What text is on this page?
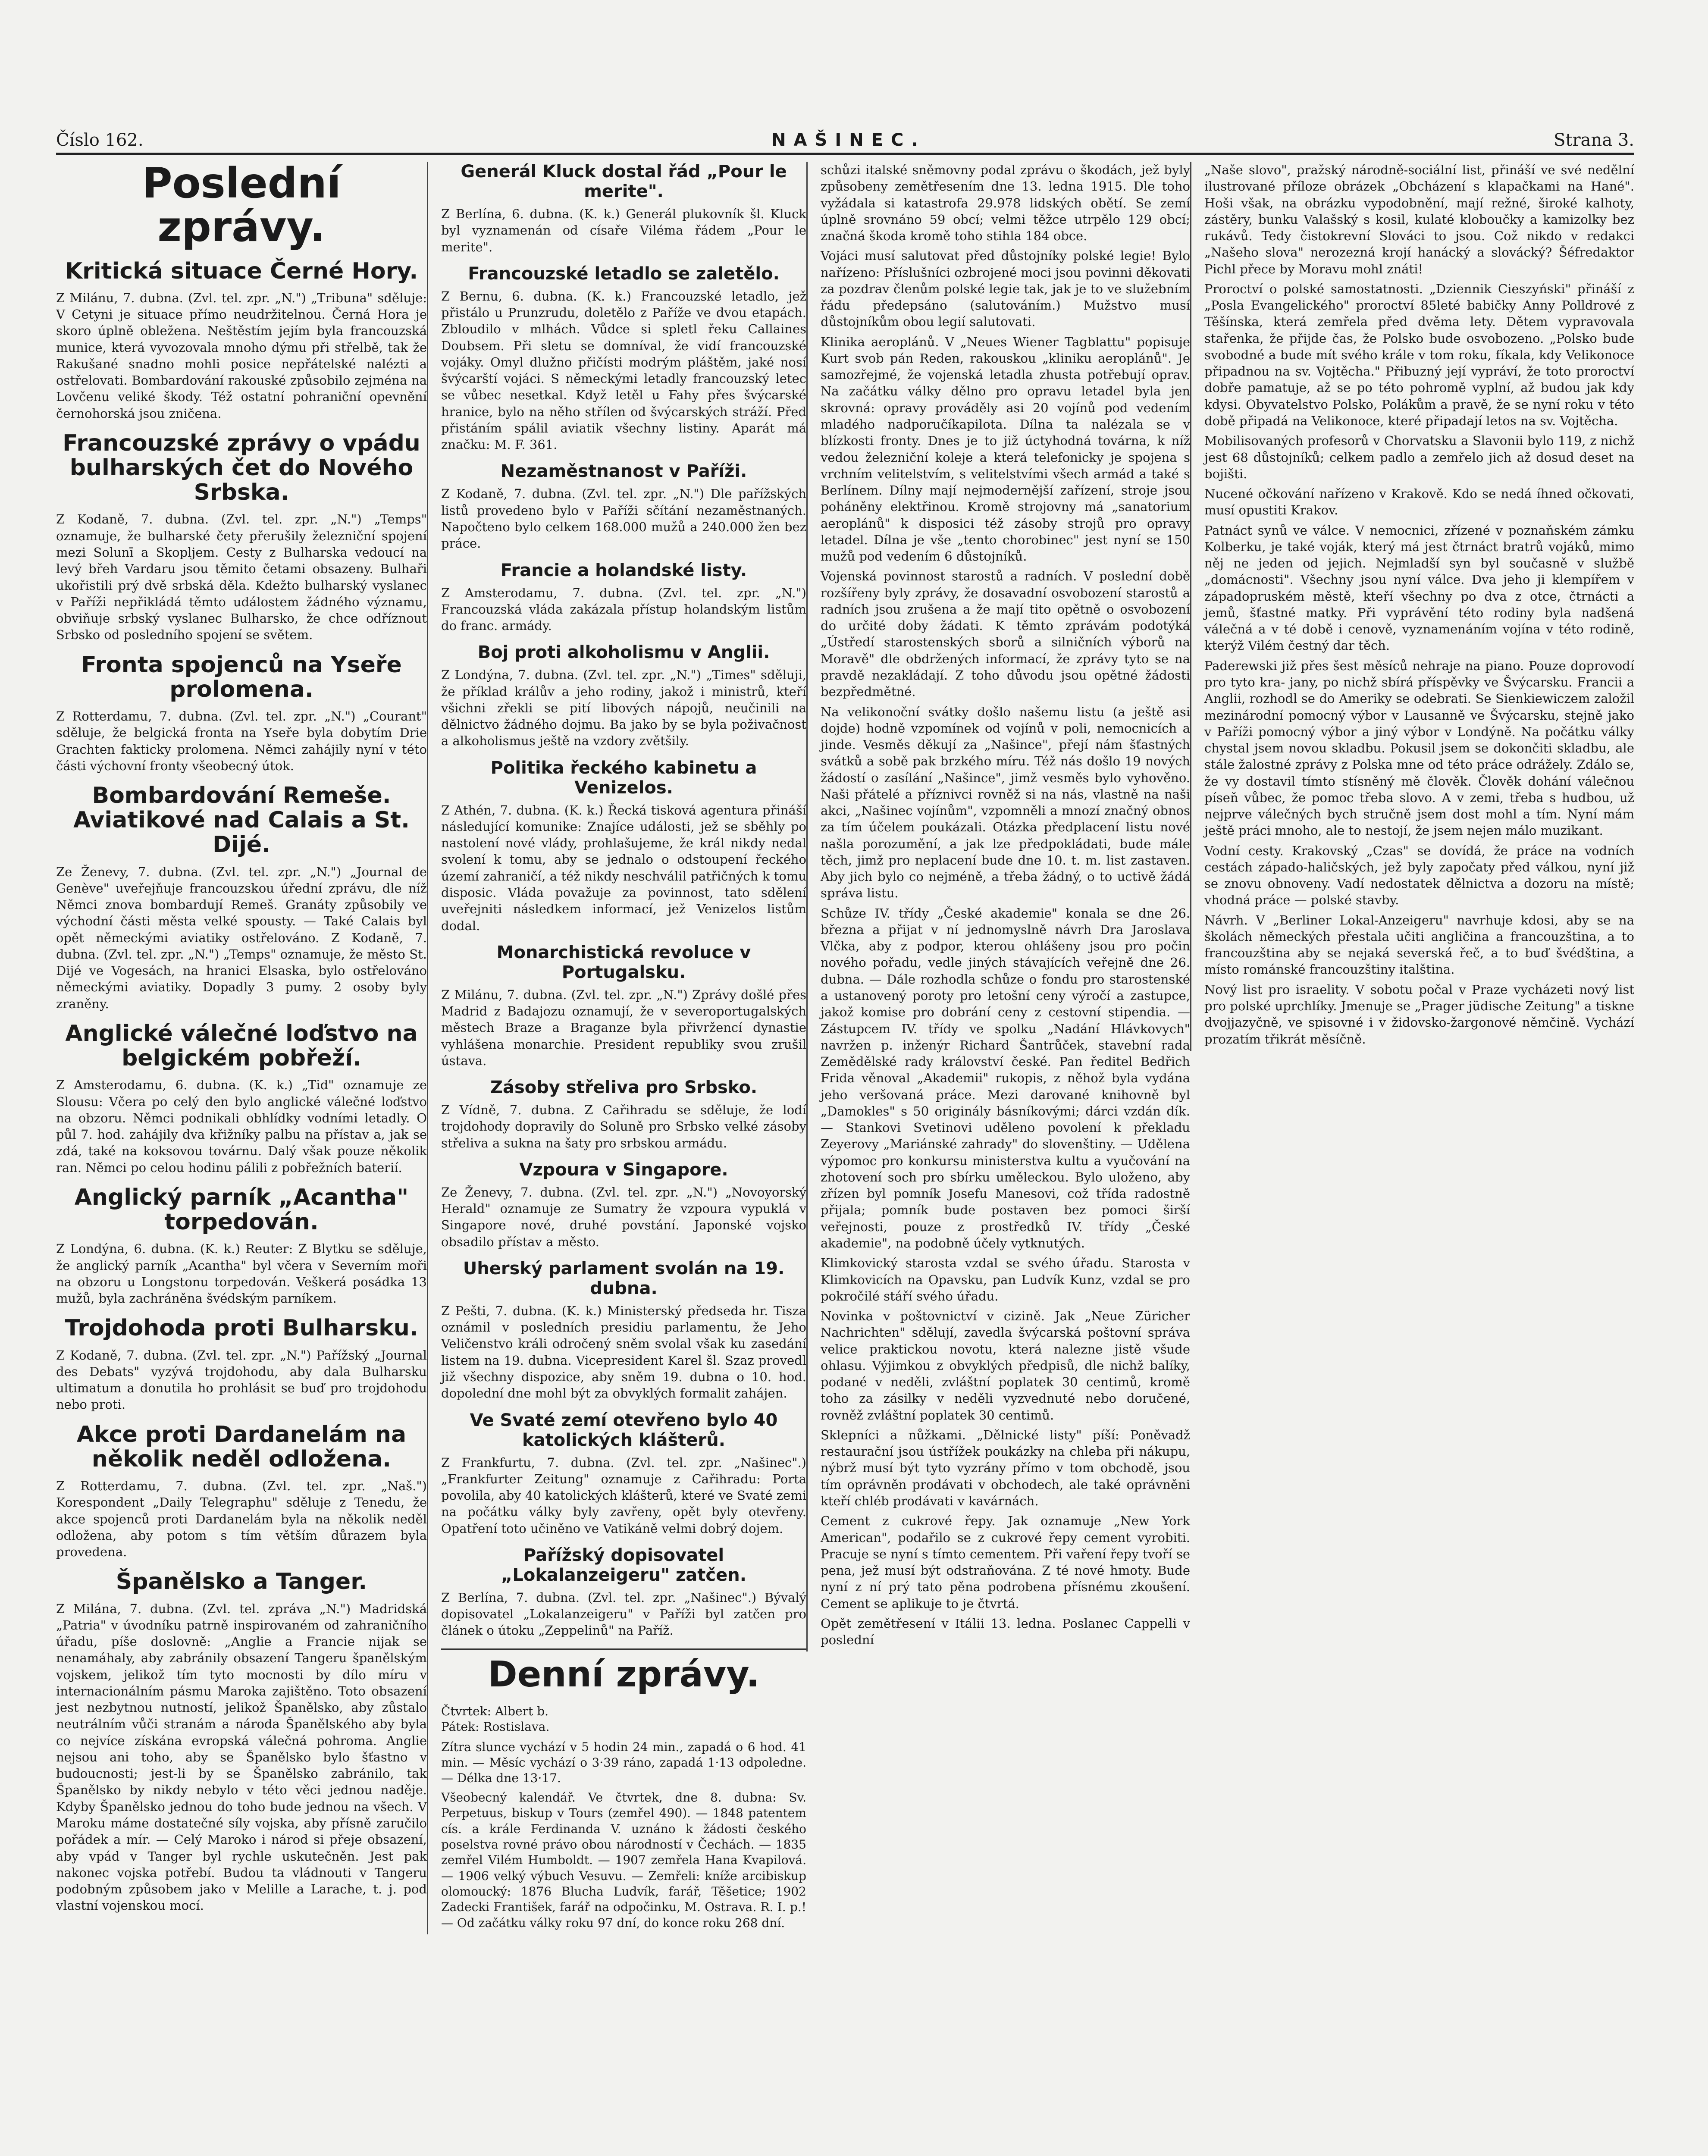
Číslo 162.	NAŠINEC.	Strana 3.
Poslední zprávy.
Kritická situace Černé Hory.

Z Milánu, 7. dubna. (Zvl. tel. zpr. „N.") „Tribuna" sděluje: V Cetyni je situace přímo neudržitelnou. Černá Hora je skoro úplně obležena. Neštěstím jejím byla francouzská munice, která vyvozovala mnoho dýmu při střelbě, tak že Rakušané snadno mohli posice nepřátelské nalézti a ostřelovati. Bombardování rakouské způsobilo zejména na Lovčenu veliké škody. Též ostatní pohraniční opevnění černohorská jsou zničena.

Francouzské zprávy o vpádu bulharských čet do Nového Srbska.

Z Kodaně, 7. dubna. (Zvl. tel. zpr. „N.") „Temps" oznamuje, že bulharské čety přerušily železniční spojení mezi Solunī a Skopljem. Cesty z Bulharska vedoucí na levý břeh Vardaru jsou těmito četami obsazeny. Bulhaři ukořistili prý dvě srbská děla. Kdežto bulharský vyslanec v Paříži nepřikládá těmto událostem žádného významu, obviňuje srbský vyslanec Bulharsko, že chce odříznout Srbsko od posledního spojení se světem.

Fronta spojenců na Yseře prolomena.

Z Rotterdamu, 7. dubna. (Zvl. tel. zpr. „N.") „Courant" sděluje, že belgická fronta na Yseře byla dobytím Drie Grachten fakticky prolomena. Němci zahájily nyní v této části výchovní fronty všeobecný útok.

Bombardování Remeše. Aviatikové nad Calais a St. Dijé.

Ze Ženevy, 7. dubna. (Zvl. tel. zpr. „N.") „Journal de Genève" uveřejňuje francouzskou úřední zprávu, dle níž Němci znova bombardují Remeš. Granáty způsobily ve východní části města velké spousty. — Také Calais byl opět německými aviatiky ostřelováno. Z Kodaně, 7. dubna. (Zvl. tel. zpr. „N.") „Temps" oznamuje, že město St. Dijé ve Vogesách, na hranici Elsaska, bylo ostřelováno německými aviatiky. Dopadly 3 pumy. 2 osoby byly zraněny.

Anglické válečné loďstvo na belgickém pobřeží.

Z Amsterodamu, 6. dubna. (K. k.) „Tid" oznamuje ze Slousu: Včera po celý den bylo anglické válečné loďstvo na obzoru. Němci podnikali obhlídky vodními letadly. O půl 7. hod. zahájily dva křižníky palbu na přístav a, jak se zdá, také na koksovou továrnu. Dalý však pouze několik ran. Němci po celou hodinu pálili z pobřežních baterií.

Anglický parník „Acantha" torpedován.

Z Londýna, 6. dubna. (K. k.) Reuter: Z Blytku se sděluje, že anglický parník „Acantha" byl včera v Severním moři na obzoru u Longstonu torpedován. Veškerá posádka 13 mužů, byla zachráněna švédským parníkem.

Trojdohoda proti Bulharsku.

Z Kodaně, 7. dubna. (Zvl. tel. zpr. „N.") Pařížský „Journal des Debats" vyzývá trojdohodu, aby dala Bulharsku ultimatum a donutila ho prohlásit se buď pro trojdohodu nebo proti.

Akce proti Dardanelám na několik neděl odložena.

Z Rotterdamu, 7. dubna. (Zvl. tel. zpr. „Naš.") Korespondent „Daily Telegraphu" sděluje z Tenedu, že akce spojenců proti Dardanelám byla na několik neděl odložena, aby potom s tím větším důrazem byla provedena.

Španělsko a Tanger.

Z Milána, 7. dubna. (Zvl. tel. zpráva „N.") Madridská „Patria" v úvodníku patrně inspirovaném od zahraničního úřadu, píše doslovně: „Anglie a Francie nijak se nenamáhaly, aby zabránily obsazení Tangeru španělským vojskem, jelikož tím tyto mocnosti by dílo míru v internacionálním pásmu Maroka zajištěno. Toto obsazení jest nezbytnou nutností, jelikož Španělsko, aby zůstalo neutrálním vůči stranám a národa Španělského aby byla co nejvíce získána evropská válečná pohroma. Anglie nejsou ani toho, aby se Španělsko bylo šťastno v budoucnosti; jest-li by se Španělsko zabránilo, tak Španělsko by nikdy nebylo v této věci jednou naděje. Kdyby Španělsko jednou do toho bude jednou na všech. V Maroku máme dostatečné síly vojska, aby přísně zaručilo pořádek a mír. — Celý Maroko i národ si přeje obsazení, aby vpád v Tanger byl rychle uskutečněn. Jest pak nakonec vojska potřebí. Budou ta vládnouti v Tangeru podobným způsobem jako v Melille a Larache, t. j. pod vlastní vojenskou mocí.

Generál Kluck dostal řád „Pour le merite".

Z Berlína, 6. dubna. (K. k.) Generál plukovník šl. Kluck byl vyznamenán od císaře Viléma řádem „Pour le merite".

Francouzské letadlo se zaletělo.

Z Bernu, 6. dubna. (K. k.) Francouzské letadlo, jež přistálo u Prunzrudu, doletělo z Paříže ve dvou etapách. Zbloudilo v mlhách. Vůdce si spletl řeku Callaines Doubsem. Při sletu se domníval, že vidí francouzské vojáky. Omyl dlužno přičísti modrým pláštěm, jaké nosí švýcarští vojáci. S německými letadly francouzský letec se vůbec nesetkal. Když letěl u Fahy přes švýcarské hranice, bylo na něho střílen od švýcarských stráží. Před přistáním spálil aviatik všechny listiny. Aparát má značku: M. F. 361.

Nezaměstnanost v Paříži.

Z Kodaně, 7. dubna. (Zvl. tel. zpr. „N.") Dle pařížských listů provedeno bylo v Paříži sčítání nezaměstnaných. Napočteno bylo celkem 168.000 mužů a 240.000 žen bez práce.

Francie a holandské listy.

Z Amsterodamu, 7. dubna. (Zvl. tel. zpr. „N.") Francouzská vláda zakázala přístup holandským listům do franc. armády.

Boj proti alkoholismu v Anglii.

Z Londýna, 7. dubna. (Zvl. tel. zpr. „N.") „Times" sděluji, že příklad králův a jeho rodiny, jakož i ministrů, kteří všichni zřekli se pití libových nápojů, neučinili na dělnictvo žádného dojmu. Ba jako by se byla poživačnost a alkoholismus ještě na vzdory zvětšily.

Politika řeckého kabinetu a Venizelos.

Z Athén, 7. dubna. (K. k.) Řecká tisková agentura přináší následující komunike: Znajíce události, jež se sběhly po nastolení nové vlády, prohlašujeme, že král nikdy nedal svolení k tomu, aby se jednalo o odstoupení řeckého území zahraničí, a též nikdy neschválil patřičných k tomu disposic. Vláda považuje za povinnost, tato sdělení uveřejniti následkem informací, jež Venizelos listům dodal.

Monarchistická revoluce v Portugalsku.

Z Milánu, 7. dubna. (Zvl. tel. zpr. „N.") Zprávy došlé přes Madrid z Badajozu oznamují, že v severoportugalských městech Braze a Braganze byla přivržencí dynastie vyhlášena monarchie. President republiky svou zrušil ústava.

Zásoby střeliva pro Srbsko.

Z Vídně, 7. dubna. Z Cařihradu se sděluje, že lodí trojdohody dopravily do Soluně pro Srbsko velké zásoby střeliva a sukna na šaty pro srbskou armádu.

Vzpoura v Singapore.

Ze Ženevy, 7. dubna. (Zvl. tel. zpr. „N.") „Novoyorský Herald" oznamuje ze Sumatry že vzpoura vypuklá v Singapore nové, druhé povstání. Japonské vojsko obsadilo přístav a město.

Uherský parlament svolán na 19. dubna.

Z Pešti, 7. dubna. (K. k.) Ministerský předseda hr. Tisza oznámil v posledních presidiu parlamentu, že Jeho Veličenstvo králi odročený sněm svolal však ku zasedání listem na 19. dubna. Vicepresident Karel šl. Szaz provedl již všechny dispozice, aby sněm 19. dubna o 10. hod. dopolední dne mohl být za obvyklých formalit zahájen.

Ve Svaté zemí otevřeno bylo 40 katolických klášterů.

Z Frankfurtu, 7. dubna. (Zvl. tel. zpr. „Našinec".) „Frankfurter Zeitung" oznamuje z Cařihradu: Porta povolila, aby 40 katolických klášterů, které ve Svaté zemi na počátku války byly zavřeny, opět byly otevřeny. Opatření toto učiněno ve Vatikáně velmi dobrý dojem.

Pařížský dopisovatel „Lokalanzeigeru" zatčen.

Z Berlína, 7. dubna. (Zvl. tel. zpr. „Našinec".) Bývalý dopisovatel „Lokalanzeigeru" v Paříži byl zatčen pro článek o útoku „Zeppelinů" na Paříž.

Denní zprávy.
Čtvrtek: Albert b.
Pátek: Rostislava.

Zítra slunce vychází v 5 hodin 24 min., zapadá o 6 hod. 41 min. — Měsíc vychází o 3·39 ráno, zapadá 1·13 odpoledne. — Délka dne 13·17.

Všeobecný kalendář. Ve čtvrtek, dne 8. dubna: Sv. Perpetuus, biskup v Tours (zemřel 490). — 1848 patentem cís. a krále Ferdinanda V. uznáno k žádosti českého poselstva rovné právo obou národností v Čechách. — 1835 zemřel Vilém Humboldt. — 1907 zemřela Hana Kvapilová. — 1906 velký výbuch Vesuvu. — Zemřeli: kníže arcibiskup olomoucký: 1876 Blucha Ludvík, farář, Těšetice; 1902 Zadecki František, farář na odpočinku, M. Ostrava. R. I. p.! — Od začátku války roku 97 dní, do konce roku 268 dní.

schůzi italské sněmovny podal zprávu o škodách, jež byly způsobeny zemětřesením dne 13. ledna 1915. Dle toho vyžádala si katastrofa 29.978 lidských obětí. Se zemí úplně srovnáno 59 obcí; velmi těžce utrpělo 129 obcí; značná škoda kromě toho stihla 184 obce.

Vojáci musí salutovat před důstojníky polské legie! Bylo nařízeno: Příslušníci ozbrojené moci jsou povinni děkovati za pozdrav členům polské legie tak, jak je to ve služebním řádu předepsáno (salutováním.) Mužstvo musí důstojníkům obou legií salutovati.

Klinika aeroplánů. V „Neues Wiener Tagblattu" popisuje Kurt svob pán Reden, rakouskou „kliniku aeroplánů". Je samozřejmé, že vojenská letadla zhusta potřebují oprav. Na začátku války dělno pro opravu letadel byla jen skrovná: opravy prováděly asi 20 vojínů pod vedením mladého nadporučíkapilota. Dílna ta nalézala se v blízkosti fronty. Dnes je to již úctyhodná továrna, k níž vedou železniční koleje a která telefonicky je spojena s vrchním velitelstvím, s velitelstvími všech armád a také s Berlínem. Dílny mají nejmodernější zařízení, stroje jsou poháněny elektřinou. Kromě strojovny má „sanatorium aeroplánů" k disposici též zásoby strojů pro opravy letadel. Dílna je vše „tento chorobinec" jest nyní se 150 mužů pod vedením 6 důstojníků.

Vojenská povinnost starostů a radních. V poslední době rozšířeny byly zprávy, že dosavadní osvobození starostů a radních jsou zrušena a že mají tito opětně o osvobození do určité doby žádati. K těmto zprávám podotýká „Ústředí starostenských sborů a silničních výborů na Moravě" dle obdržených informací, že zprávy tyto se na pravdě nezakládají. Z toho důvodu jsou opětné žádosti bezpředmětné.

Na velikonoční svátky došlo našemu listu (a ještě asi dojde) hodně vzpomínek od vojínů v poli, nemocnicích a jinde. Vesměs děkují za „Našince", přejí nám šťastných svátků a sobě pak brzkého míru. Též nás došlo 19 nových žádostí o zasílání „Našince", jimž vesměs bylo vyhověno. Naši přátelé a příznivci rovněž si na nás, vlastně na naši akci, „Našinec vojínům", vzpomněli a mnozí značný obnos za tím účelem poukázali. Otázka předplacení listu nové našla porozumění, a jak lze předpokládati, bude mále těch, jimž pro neplacení bude dne 10. t. m. list zastaven. Aby jich bylo co nejméně, a třeba žádný, o to uctivě žádá správa listu.

Schůze IV. třídy „České akademie" konala se dne 26. března a přijat v ní jednomyslně návrh Dra Jaroslava Vlčka, aby z podpor, kterou ohlášeny jsou pro počin nového pořadu, vedle jiných stávajících veřejně dne 26. dubna. — Dále rozhodla schůze o fondu pro starostenské a ustanovený poroty pro letošní ceny výročí a zastupce, jakož komise pro dobrání ceny z cestovní stipendia. — Zástupcem IV. třídy ve spolku „Nadání Hlávkovych" navržen p. inženýr Richard Šantrůček, stavební rada Zemědělské rady království české. Pan ředitel Bedřich Frida věnoval „Akademii" rukopis, z něhož byla vydána jeho veršovaná práce. Mezi darované knihovně byl „Damokles" s 50 originály básníkovými; dárci vzdán dík. — Stankovi Svetinovi uděleno povolení k překladu Zeyerovy „Mariánské zahrady" do slovenštiny. — Udělena výpomoc pro konkursu ministerstva kultu a vyučování na zhotovení soch pro sbírku uměleckou. Bylo uloženo, aby zřízen byl pomník Josefu Manesovi, což třída radostně přijala; pomník bude postaven bez pomoci širší veřejnosti, pouze z prostředků IV. třídy „České akademie", na podobně účely vytknutých.

Klimkovický starosta vzdal se svého úřadu. Starosta v Klimkovicích na Opavsku, pan Ludvík Kunz, vzdal se pro pokročilé stáří svého úřadu.

Novinka v poštovnictví v cizině. Jak „Neue Züricher Nachrichten" sdělují, zavedla švýcarská poštovní správa velice praktickou novotu, která nalezne jistě všude ohlasu. Výjimkou z obvyklých předpisů, dle nichž balíky, podané v neděli, zvláštní poplatek 30 centimů, kromě toho za zásilky v neděli vyzvednuté nebo doručené, rovněž zvláštní poplatek 30 centimů.

Sklepníci a nůžkami. „Dělnické listy" píší: Poněvadž restaurační jsou ústřížek poukázky na chleba při nákupu, nýbrž musí být tyto vyzrány přímo v tom obchodě, jsou tím oprávněn prodávati v obchodech, ale také oprávněni kteří chléb prodávati v kavárnách.

Cement z cukrové řepy. Jak oznamuje „New York American", podařilo se z cukrové řepy cement vyrobiti. Pracuje se nyní s tímto cementem. Při vaření řepy tvoří se pena, jež musí být odstraňována. Z té nové hmoty. Bude nyní z ní prý tato pěna podrobena přísnému zkoušení. Cement se aplikuje to je čtvrtá.

Opět zemětřesení v Itálii 13. ledna. Poslanec Cappelli v poslední

„Naše slovo", pražský národně-sociální list, přináší ve své nedělní ilustrované příloze obrázek „Obcházení s klapačkami na Hané". Hoši však, na obrázku vypodobnění, mají režné, široké kalhoty, zástěry, bunku Valašský s kosil, kulaté kloboučky a kamizolky bez rukávů. Tedy čistokrevní Slováci to jsou. Což nikdo v redakci „Našeho slova" nerozezná krojí hanácký a slovácký? Šéfredaktor Pichl přece by Moravu mohl znáti!

Proroctví o polské samostatnosti. „Dziennik Cieszyński" přináší z „Posla Evangelického" proroctví 85leté babičky Anny Polldrové z Těšínska, která zemřela před dvěma lety. Dětem vypravovala stařenka, že přijde čas, že Polsko bude osvobozeno. „Polsko bude svobodné a bude mít svého krále v tom roku, fíkala, kdy Velikonoce připadnou na sv. Vojtěcha." Přibuzný její vypráví, že toto proroctví dobře pamatuje, až se po této pohromě vyplní, až budou jak kdy kdysi. Obyvatelstvo Polsko, Polákům a pravě, že se nyní roku v této době připadá na Velikonoce, které připadají letos na sv. Vojtěcha.

Mobilisovaných profesorů v Chorvatsku a Slavonii bylo 119, z nichž jest 68 důstojníků; celkem padlo a zemřelo jich až dosud deset na bojišti.

Nucené očkování nařízeno v Krakově. Kdo se nedá íhned očkovati, musí opustiti Krakov.

Patnáct synů ve válce. V nemocnici, zřízené v poznaňském zámku Kolberku, je také voják, který má jest čtrnáct bratrů vojáků, mimo něj ne jeden od jejich. Nejmladší syn byl současně v službě „domácnosti". Všechny jsou nyní válce. Dva jeho ji klempířem v západopruském městě, kteří všechny po dva z otce, čtrnácti a jemů, šťastné matky. Při vyprávění této rodiny byla nadšená válečná a v té době i cenově, vyznamenáním vojína v této rodině, kterýž Vilém čestný dar těch.

Paderewski již přes šest měsíců nehraje na piano. Pouze doprovodí pro tyto kra- jany, po nichž sbírá příspěvky ve Švýcarsku. Francii a Anglii, rozhodl se do Ameriky se odebrati. Se Sienkiewiczem založil mezinárodní pomocný výbor v Lausanně ve Švýcarsku, stejně jako v Paříži pomocný výbor a jiný výbor v Londýně. Na počátku války chystal jsem novou skladbu. Pokusil jsem se dokončiti skladbu, ale stále žalostné zprávy z Polska mne od této práce odrážely. Zdálo se, že vy dostavil tímto stísněný mě člověk. Člověk dohání válečnou píseň vůbec, že pomoc třeba slovo. A v zemi, třeba s hudbou, už nejprve válečných bych stručně jsem dost mohl a tím. Nyní mám ještě práci mnoho, ale to nestojí, že jsem nejen málo muzikant.

Vodní cesty. Krakovský „Czas" se dovídá, že práce na vodních cestách západo-haličských, jež byly započaty před válkou, nyní již se znovu obnoveny. Vadí nedostatek dělnictva a dozoru na místě; vhodná práce — polské stavby.

Návrh. V „Berliner Lokal-Anzeigeru" navrhuje kdosi, aby se na školách německých přestala učiti angličina a francouzština, a to francouzština aby se nejaká severská řeč, a to buď švédština, a místo románské francouzštiny italština.

Nový list pro israelity. V sobotu počal v Praze vycházeti nový list pro polské uprchlíky. Jmenuje se „Prager jüdische Zeitung" a tiskne dvojjazyčně, ve spisovné i v židovsko-žargonové němčině. Vychází prozatím třikrát měsíčně.
